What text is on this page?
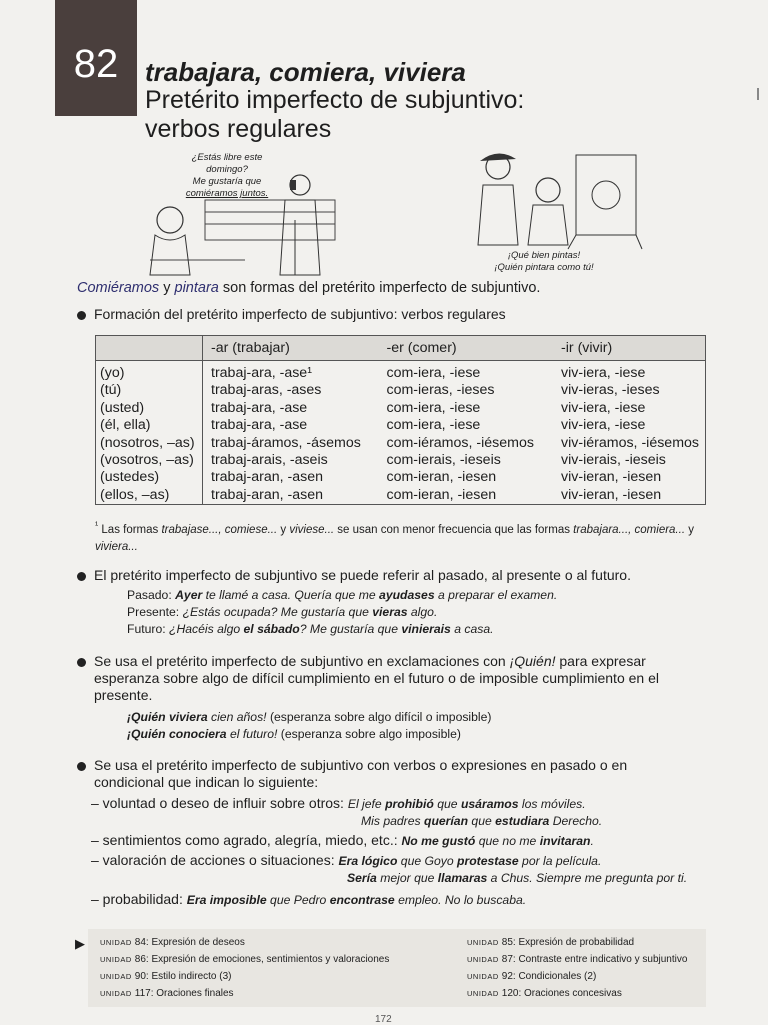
82 trabajara, comiera, viviera
Pretérito imperfecto de subjuntivo:
verbos regulares
¿Estás libre este domingo?
Me gustaría que
comiéramos juntos.
¡Qué bien pintas!
¡Quién pintara como tú!
Comiéramos y pintara son formas del pretérito imperfecto de subjuntivo.
Formación del pretérito imperfecto de subjuntivo: verbos regulares
	-ar (trabajar)	-er (comer)	-ir (vivir)
(yo)	trabaj-ara, -ase¹	com-iera, -iese	viv-iera, -iese
(tú)	trabaj-aras, -ases	com-ieras, -ieses	viv-ieras, -ieses
(usted)	trabaj-ara, -ase	com-iera, -iese	viv-iera, -iese
(él, ella)	trabaj-ara, -ase	com-iera, -iese	viv-iera, -iese
(nosotros, –as)	trabaj-áramos, -ásemos	com-iéramos, -iésemos	viv-iéramos, -iésemos
(vosotros, –as)	trabaj-arais, -aseis	com-ierais, -ieseis	viv-ierais, -ieseis
(ustedes)	trabaj-aran, -asen	com-ieran, -iesen	viv-ieran, -iesen
(ellos, –as)	trabaj-aran, -asen	com-ieran, -iesen	viv-ieran, -iesen
$^{^1}$ Las formas trabajase..., comiese... y viviese... se usan con menor frecuencia que las formas trabajara..., comiera... y viviera...
El pretérito imperfecto de subjuntivo se puede referir al pasado, al presente o al futuro.
Pasado: Ayer te llamé a casa. Quería que me ayudases a preparar el examen.
Presente: ¿Estás ocupada? Me gustaría que vieras algo.
Futuro: ¿Hacéis algo el sábado? Me gustaría que vinierais a casa.
Se usa el pretérito imperfecto de subjuntivo en exclamaciones con ¡Quién! para expresar esperanza sobre algo de difícil cumplimiento en el futuro o de imposible cumplimiento en el presente.
¡Quién viviera cien años! (esperanza sobre algo difícil o imposible)
¡Quién conociera el futuro! (esperanza sobre algo imposible)
Se usa el pretérito imperfecto de subjuntivo con verbos o expresiones en pasado o en condicional que indican lo siguiente:
– voluntad o deseo de influir sobre otros: El jefe prohibió que usáramos los móviles.
Mis padres querían que estudiara Derecho.
– sentimientos como agrado, alegría, miedo, etc.: No me gustó que no me invitaran.
– valoración de acciones o situaciones: Era lógico que Goyo protestase por la película.
Sería mejor que llamaras a Chus. Siempre me pregunta por ti.
– probabilidad: Era imposible que Pedro encontrase empleo. No lo buscaba.
▶ UNIDAD 84: Expresión de deseos	UNIDAD 85: Expresión de probabilidad
UNIDAD 86: Expresión de emociones, sentimientos y valoraciones	UNIDAD 87: Contraste entre indicativo y subjuntivo
UNIDAD 90: Estilo indirecto (3)	UNIDAD 92: Condicionales (2)
UNIDAD 117: Oraciones finales	UNIDAD 120: Oraciones concesivas
172
